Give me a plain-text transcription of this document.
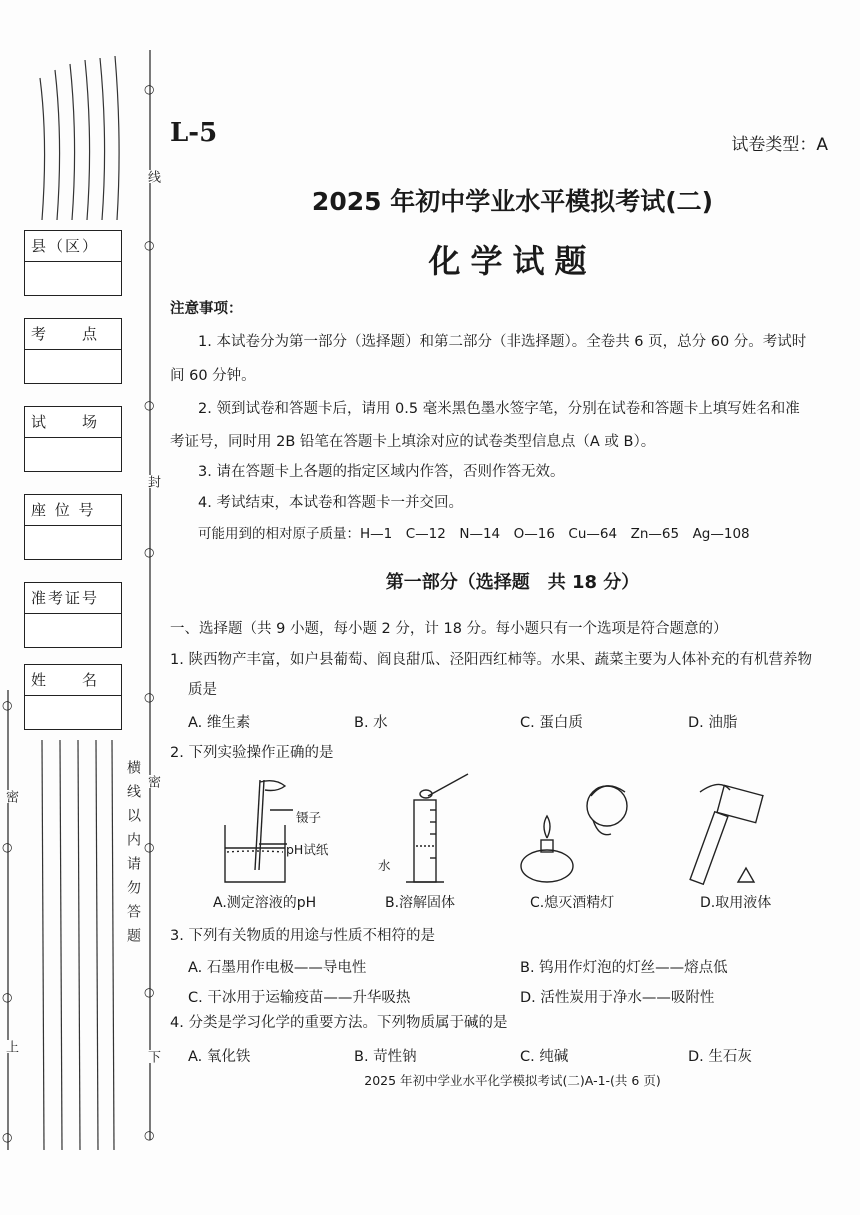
县（区）
考　　点
试　　场
座 位 号
准考证号
姓　　名
○
线
○
○
封
○
○
密
○
○
下
○
横线以内请勿答题
○
密
○
○
上
○
L-5	试卷类型：A
2025 年初中学业水平模拟考试(二)
化学试题
注意事项：
1. 本试卷分为第一部分（选择题）和第二部分（非选择题）。全卷共 6 页，总分 60 分。考试时
间 60 分钟。
2. 领到试卷和答题卡后，请用 0.5 毫米黑色墨水签字笔，分别在试卷和答题卡上填写姓名和准
考证号，同时用 2B 铅笔在答题卡上填涂对应的试卷类型信息点（A 或 B）。
3. 请在答题卡上各题的指定区域内作答，否则作答无效。
4. 考试结束，本试卷和答题卡一并交回。
可能用到的相对原子质量：H—1　C—12　N—14　O—16　Cu—64　Zn—65　Ag—108
第一部分（选择题　共 18 分）
一、选择题（共 9 小题，每小题 2 分，计 18 分。每小题只有一个选项是符合题意的）
1. 陕西物产丰富，如户县葡萄、阎良甜瓜、泾阳西红柿等。水果、蔬菜主要为人体补充的有机营养物
质是
A. 维生素	B. 水	C. 蛋白质	D. 油脂
2. 下列实验操作正确的是
镊子
pH试纸
水
A.测定溶液的pH	B.溶解固体	C.熄灭酒精灯	D.取用液体
3. 下列有关物质的用途与性质不相符的是
A. 石墨用作电极——导电性	B. 钨用作灯泡的灯丝——熔点低
C. 干冰用于运输疫苗——升华吸热	D. 活性炭用于净水——吸附性
4. 分类是学习化学的重要方法。下列物质属于碱的是
A. 氧化铁	B. 苛性钠	C. 纯碱	D. 生石灰
2025 年初中学业水平化学模拟考试(二)A-1-(共 6 页)
